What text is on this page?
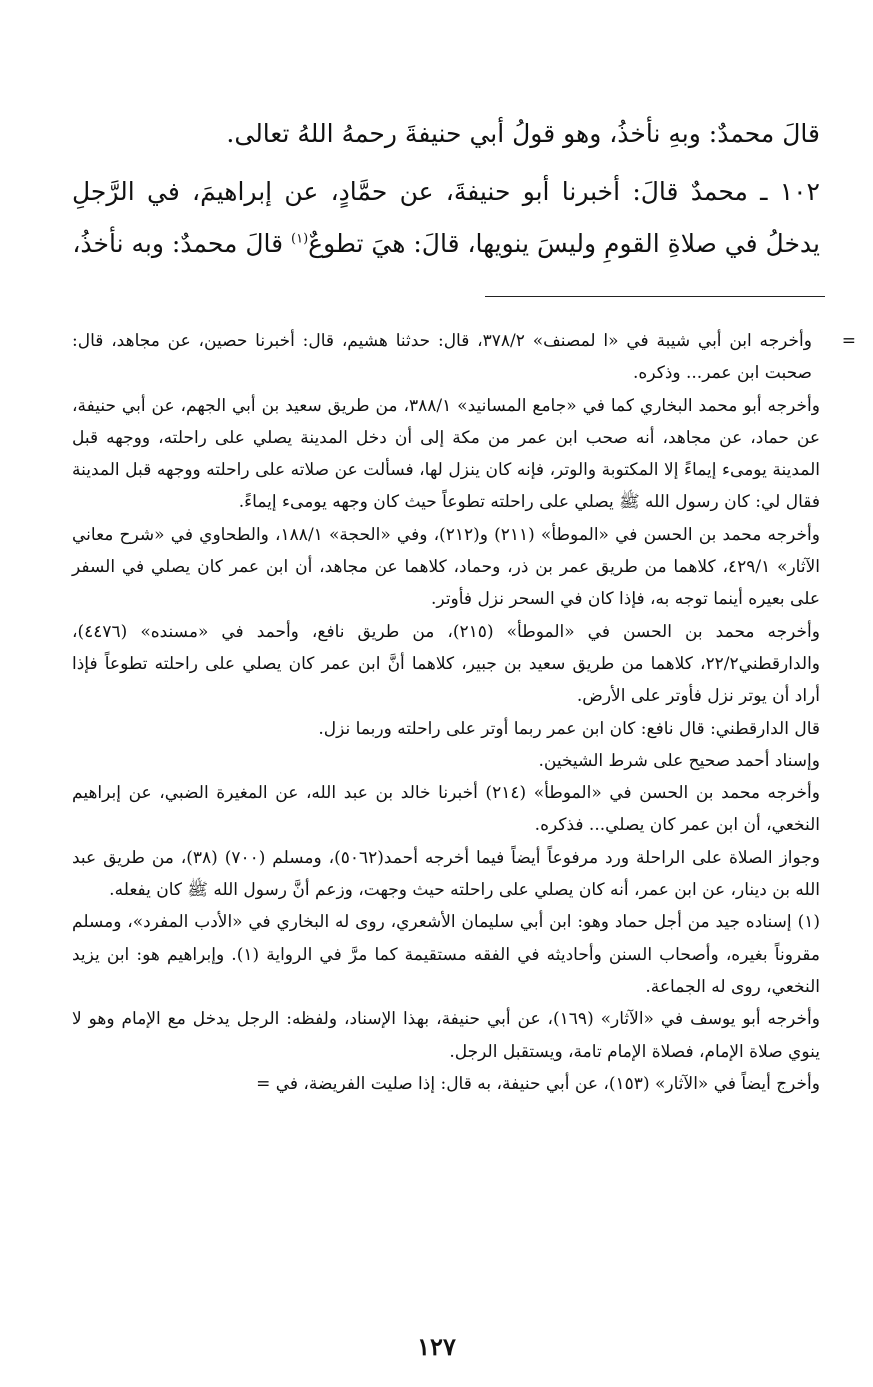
قالَ محمدٌ: وبهِ نأخذُ، وهو قولُ أبي حنيفةَ رحمهُ اللهُ تعالى.

١٠٢ ـ محمدٌ قالَ: أخبرنا أبو حنيفةَ، عن حمَّادٍ، عن إبراهيمَ، في الرَّجلِ يدخلُ في صلاةِ القومِ وليسَ ينويها، قالَ: هيَ تطوعٌ$^{(١)}$ قالَ محمدٌ: وبه نأخذُ،

= وأخرجه ابن أبي شيبة في «ا لمصنف» ٣٧٨/٢، قال: حدثنا هشيم، قال: أخبرنا حصين، عن مجاهد، قال: صحبت ابن عمر... وذكره.

وأخرجه أبو محمد البخاري كما في «جامع المسانيد» ٣٨٨/١، من طريق سعيد بن أبي الجهم، عن أبي حنيفة، عن حماد، عن مجاهد، أنه صحب ابن عمر من مكة إلى أن دخل المدينة يصلي على راحلته، ووجهه قبل المدينة يومىء إيماءً إلا المكتوبة والوتر، فإنه كان ينزل لها، فسألت عن صلاته على راحلته ووجهه قبل المدينة فقال لي: كان رسول الله ﷺ يصلي على راحلته تطوعاً حيث كان وجهه يومىء إيماءً.

وأخرجه محمد بن الحسن في «الموطأ» (٢١١) و(٢١٢)، وفي «الحجة» ١٨٨/١، والطحاوي في «شرح معاني الآثار» ٤٢٩/١، كلاهما من طريق عمر بن ذر، وحماد، كلاهما عن مجاهد، أن ابن عمر كان يصلي في السفر على بعيره أينما توجه به، فإذا كان في السحر نزل فأوتر.

وأخرجه محمد بن الحسن في «الموطأ» (٢١٥)، من طريق نافع، وأحمد في «مسنده» (٤٤٧٦)، والدارقطني٢٢/٢، كلاهما من طريق سعيد بن جبير، كلاهما أنَّ ابن عمر كان يصلي على راحلته تطوعاً فإذا أراد أن يوتر نزل فأوتر على الأرض.

قال الدارقطني: قال نافع: كان ابن عمر ربما أوتر على راحلته وربما نزل.

وإسناد أحمد صحيح على شرط الشيخين.

وأخرجه محمد بن الحسن في «الموطأ» (٢١٤) أخبرنا خالد بن عبد الله، عن المغيرة الضبي، عن إبراهيم النخعي، أن ابن عمر كان يصلي... فذكره.

وجواز الصلاة على الراحلة ورد مرفوعاً أيضاً فيما أخرجه أحمد(٥٠٦٢)، ومسلم (٧٠٠) (٣٨)، من طريق عبد الله بن دينار، عن ابن عمر، أنه كان يصلي على راحلته حيث وجهت، وزعم أنَّ رسول الله ﷺ كان يفعله.

(١)إسناده جيد من أجل حماد وهو: ابن أبي سليمان الأشعري، روى له البخاري في «الأدب المفرد»، ومسلم مقروناً بغيره، وأصحاب السنن وأحاديثه في الفقه مستقيمة كما مرَّ في الرواية (١). وإبراهيم هو: ابن يزيد النخعي، روى له الجماعة.

وأخرجه أبو يوسف في «الآثار» (١٦٩)، عن أبي حنيفة، بهذا الإسناد، ولفظه: الرجل يدخل مع الإمام وهو لا ينوي صلاة الإمام، فصلاة الإمام تامة، ويستقبل الرجل.

وأخرج أيضاً في «الآثار» (١٥٣)، عن أبي حنيفة، به قال: إذا صليت الفريضة، في =

١٢٧
